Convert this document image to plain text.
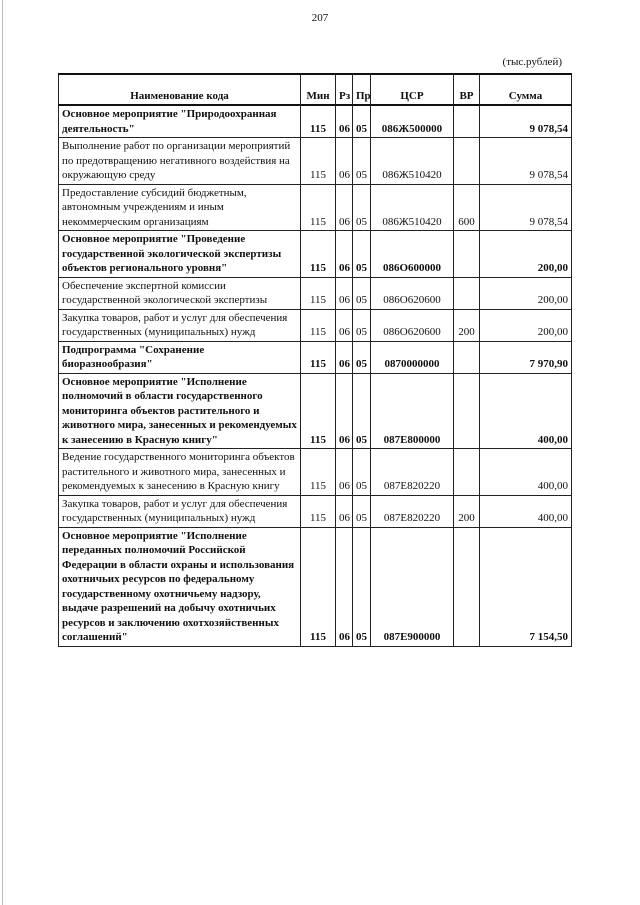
207
(тыс.рублей)
Наименование кода	Мин	Рз	Пр	ЦСР	ВР	Сумма
Основное мероприятие "Природоохранная деятельность"	115	06	05	086Ж500000		9 078,54
Выполнение работ по организации мероприятий по предотвращению негативного воздействия на окружающую среду	115	06	05	086Ж510420		9 078,54
Предоставление субсидий бюджетным, автономным учреждениям и иным некоммерческим организациям	115	06	05	086Ж510420	600	9 078,54
Основное мероприятие "Проведение государственной экологической экспертизы объектов регионального уровня"	115	06	05	086О600000		200,00
Обеспечение экспертной комиссии государственной экологической экспертизы	115	06	05	086О620600		200,00
Закупка товаров, работ и услуг для обеспечения государственных (муниципальных) нужд	115	06	05	086О620600	200	200,00
Подпрограмма "Сохранение биоразнообразия"	115	06	05	0870000000		7 970,90
Основное мероприятие "Исполнение полномочий в области государственного мониторинга объектов растительного и животного мира, занесенных и рекомендуемых к занесению в Красную книгу"	115	06	05	087Е800000		400,00
Ведение государственного мониторинга объектов растительного и животного мира, занесенных и рекомендуемых к занесению в Красную книгу	115	06	05	087Е820220		400,00
Закупка товаров, работ и услуг для обеспечения государственных (муниципальных) нужд	115	06	05	087Е820220	200	400,00
Основное мероприятие "Исполнение переданных полномочий Российской Федерации в области охраны и использования охотничьих ресурсов по федеральному государственному охотничьему надзору, выдаче разрешений на добычу охотничьих ресурсов и заключению охотхозяйственных соглашений"	115	06	05	087Е900000		7 154,50
